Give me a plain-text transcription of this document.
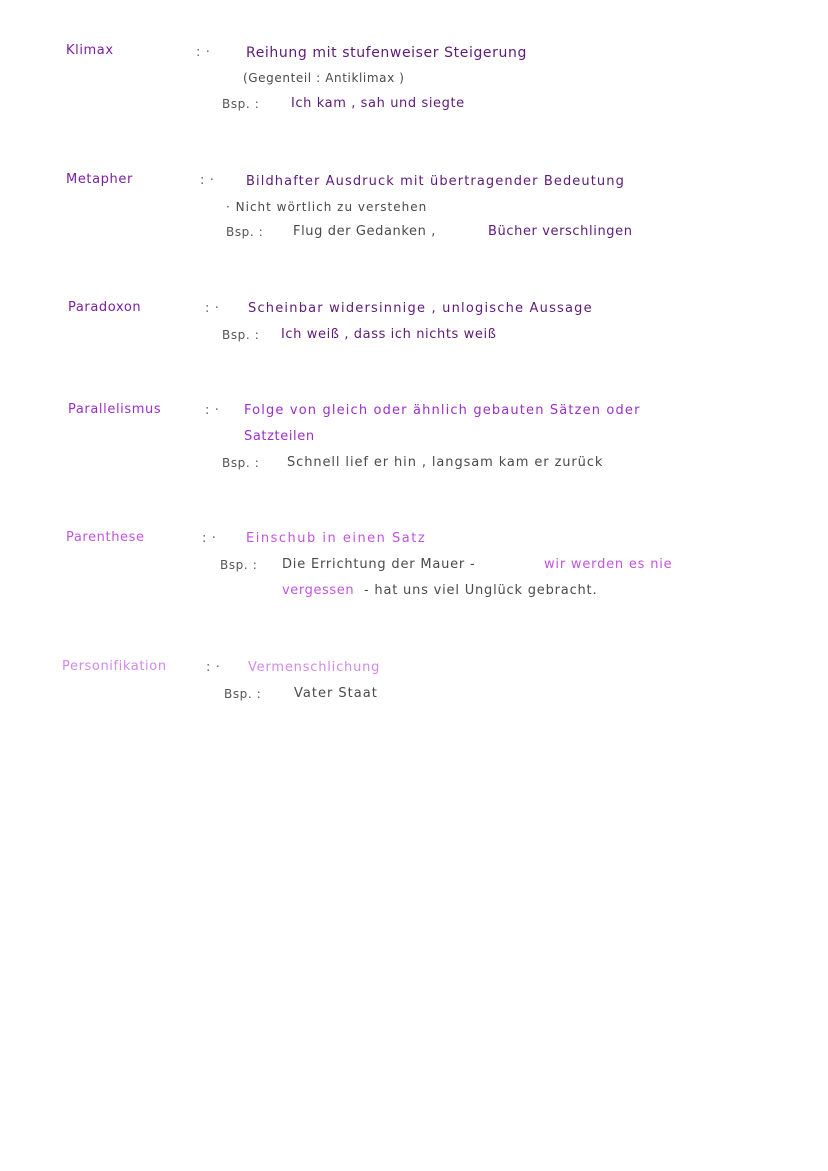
Klimax	: ·	Reihung mit stufenweiser Steigerung
(Gegenteil : Antiklimax )
Bsp. : Ich kam , sah und siegte
Metapher	: · Bildhafter Ausdruck mit übertragender Bedeutung
· Nicht wörtlich zu verstehen
Bsp. : Flug der Gedanken ,	Bücher verschlingen
Paradoxon	: · Scheinbar widersinnige , unlogische Aussage
Bsp. : Ich weiß , dass ich nichts weiß
Parallelismus	: · Folge von gleich oder ähnlich gebauten Sätzen oder
Satzteilen
Bsp. : Schnell lief er hin , langsam kam er zurück
Parenthese	: · Einschub in einen Satz
Bsp. : Die Errichtung der Mauer -	wir werden es nie
vergessen - hat uns viel Unglück gebracht.
Personifikation	: · Vermenschlichung
Bsp. :	Vater Staat
